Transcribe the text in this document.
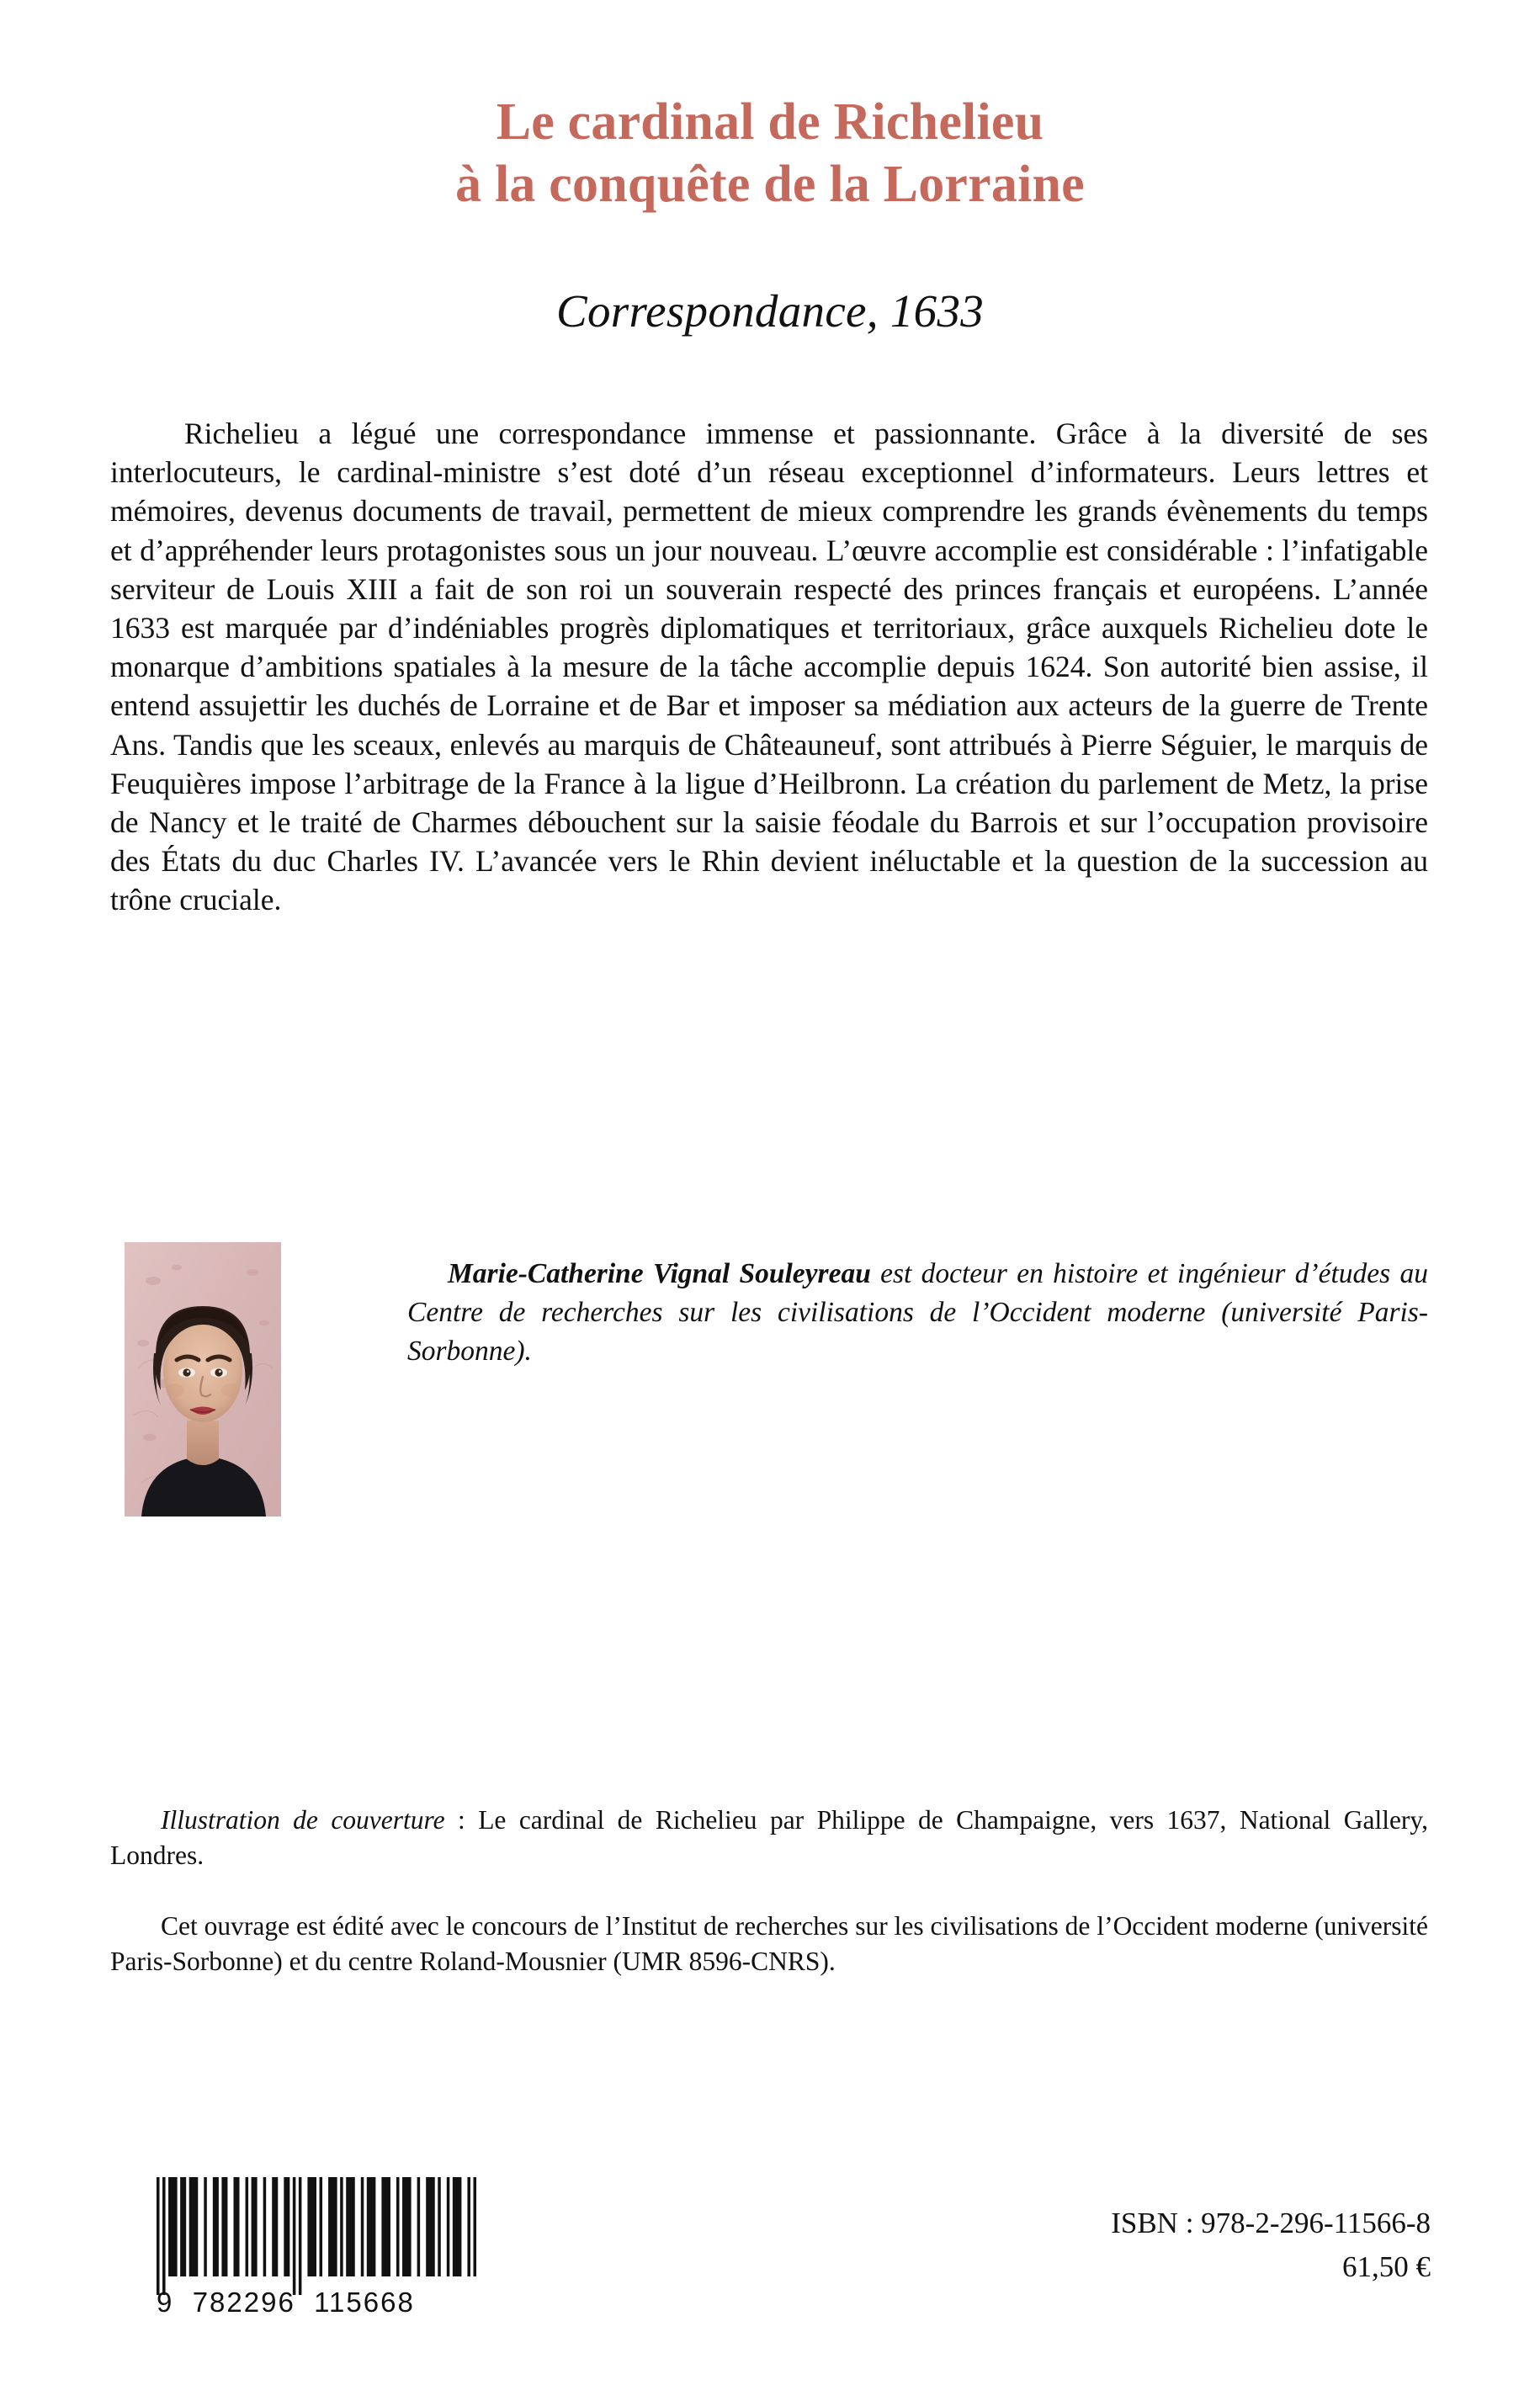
Le cardinal de Richelieu
à la conquête de la Lorraine
Correspondance, 1633
Richelieu a légué une correspondance immense et passionnante. Grâce à la diversité de ses interlocuteurs, le cardinal-ministre s’est doté d’un réseau exceptionnel d’informateurs. Leurs lettres et mémoires, devenus documents de travail, permettent de mieux comprendre les grands évènements du temps et d’appréhender leurs protagonistes sous un jour nouveau. L’œuvre accomplie est considérable : l’infatigable serviteur de Louis XIII a fait de son roi un souverain respecté des princes français et européens. L’année 1633 est marquée par d’indéniables progrès diplomatiques et territoriaux, grâce auxquels Richelieu dote le monarque d’ambitions spatiales à la mesure de la tâche accomplie depuis 1624. Son autorité bien assise, il entend assujettir les duchés de Lorraine et de Bar et imposer sa médiation aux acteurs de la guerre de Trente Ans. Tandis que les sceaux, enlevés au marquis de Châteauneuf, sont attribués à Pierre Séguier, le marquis de Feuquières impose l’arbitrage de la France à la ligue d’Heilbronn. La création du parlement de Metz, la prise de Nancy et le traité de Charmes débouchent sur la saisie féodale du Barrois et sur l’occupation provisoire des États du duc Charles IV. L’avancée vers le Rhin devient inéluctable et la question de la succession au trône cruciale.
Marie-Catherine Vignal Souleyreau est docteur en histoire et ingénieur d’études au Centre de recherches sur les civilisations de l’Occident moderne (université Paris-Sorbonne).
Illustration de couverture : Le cardinal de Richelieu par Philippe de Champaigne, vers 1637, National Gallery, Londres.
Cet ouvrage est édité avec le concours de l’Institut de recherches sur les civilisations de l’Occident moderne (université Paris-Sorbonne) et du centre Roland-Mousnier (UMR 8596-CNRS).
9  782296  115668
ISBN : 978-2-296-11566-8
61,50 €
